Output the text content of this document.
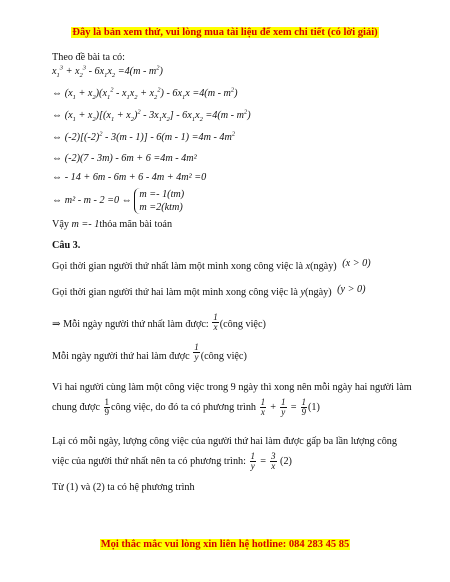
Đây là bản xem thử, vui lòng mua tài liệu để xem chi tiết (có lời giải)
Theo đề bài ta có:
$x_1^3 + x_2^3 - 6x_1x_2 =4(m - m^2)$
⇔ $(x_1 + x_2)(x_1^2 - x_1x_2 + x_2^2) - 6x_1x =4(m - m^2)$
⇔ $(x_1 + x_2)[(x_1 + x_2)^2 - 3x_1x_2] - 6x_1x_2 =4(m - m^2)$
⇔ $(-2)[(-2)^2 - 3(m - 1)] - 6(m - 1) =4m - 4m^2$
⇔ (-2)(7 - 3m) - 6m + 6 =4m - 4m²
⇔ - 14 + 6m - 6m + 6 - 4m + 4m² =0
⇔ m² - m - 2 =0 ⇔
m =- 1(tm)
m =2(ktm)
Vậy m =- 1thỏa mãn bài toán
Câu 3.
Gọi thời gian người thứ nhất làm một mình xong công việc là x(ngày) (x > 0)
Gọi thời gian người thứ hai làm một mình xong công việc là y(ngày) (y > 0)
⇒ Mỗi ngày người thứ nhất làm được: $\frac{1}{x}$ (công việc)
Mỗi ngày người thứ hai làm được $\frac{1}{y}$ (công việc)
Vì hai người cùng làm một công việc trong 9 ngày thì xong nên mỗi ngày hai người làm
chung được $\frac{1}{9}$ công việc, do đó ta có phương trình $\frac{1}{x} + \frac{1}{y} = \frac{1}{9} (1)$
Lại có mỗi ngày, lượng công việc của người thứ hai làm được gấp ba lần lượng công
việc của người thứ nhất nên ta có phương trình: $\frac{1}{y} = \frac{3}{x} (2)$
Từ (1) và (2) ta có hệ phương trình
Mọi thắc mắc vui lòng xin liên hệ hotline: 084 283 45 85
